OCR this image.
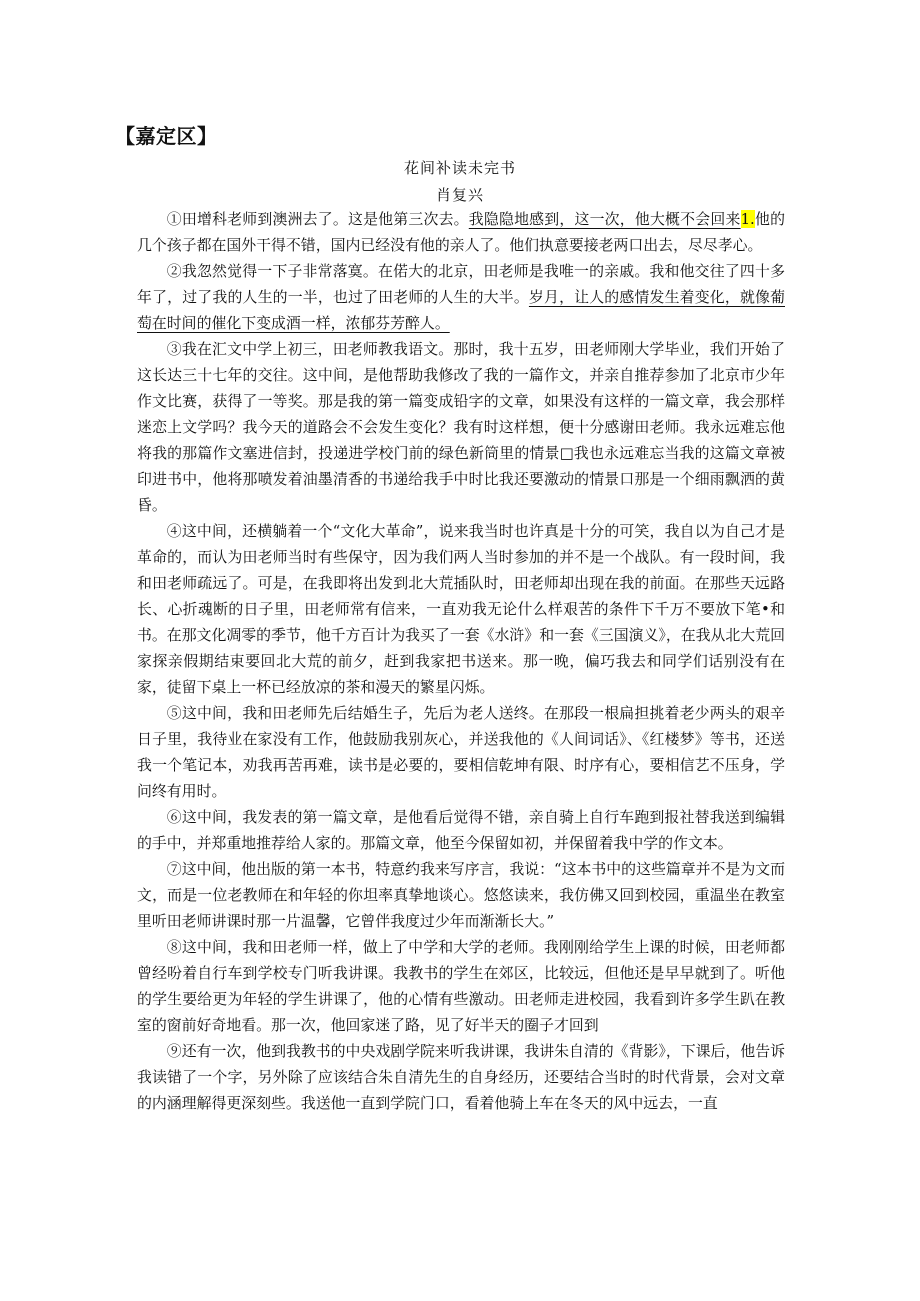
【嘉定区】
花间补读未完书
肖复兴

①田增科老师到澳洲去了。这是他第三次去。我隐隐地感到，这一次，他大概不会回来1.他的几个孩子都在国外干得不错，国内已经没有他的亲人了。他们执意要接老两口出去，尽尽孝心。

②我忽然觉得一下子非常落寞。在偌大的北京，田老师是我唯一的亲戚。我和他交往了四十多年了，过了我的人生的一半，也过了田老师的人生的大半。岁月，让人的感情发生着变化，就像葡萄在时间的催化下变成酒一样，浓郁芬芳醉人。

③我在汇文中学上初三，田老师教我语文。那时，我十五岁，田老师刚大学毕业，我们开始了这长达三十七年的交往。这中间，是他帮助我修改了我的一篇作文，并亲自推荐参加了北京市少年作文比赛，获得了一等奖。那是我的第一篇变成铅字的文章，如果没有这样的一篇文章，我会那样迷恋上文学吗？我今天的道路会不会发生变化？我有时这样想，便十分感谢田老师。我永远难忘他将我的那篇作文塞进信封，投递进学校门前的绿色新筒里的情景□我也永远难忘当我的这篇文章被印进书中，他将那喷发着油墨清香的书递给我手中时比我还要激动的情景口那是一个细雨飘洒的黄昏。

④这中间，还横躺着一个“文化大革命”，说来我当时也许真是十分的可笑，我自以为自己才是革命的，而认为田老师当时有些保守，因为我们两人当时参加的并不是一个战队。有一段时间，我和田老师疏远了。可是，在我即将出发到北大荒插队时，田老师却出现在我的前面。在那些天远路长、心折魂断的日子里，田老师常有信来，一直劝我无论什么样艰苦的条件下千万不要放下笔•和书。在那文化凋零的季节，他千方百计为我买了一套《水浒》和一套《三国演义》，在我从北大荒回家探亲假期结束要回北大荒的前夕，赶到我家把书送来。那一晚，偏巧我去和同学们话别没有在家，徒留下桌上一杯已经放凉的茶和漫天的繁星闪烁。

⑤这中间，我和田老师先后结婚生子，先后为老人送终。在那段一根扁担挑着老少两头的艰辛日子里，我待业在家没有工作，他鼓励我别灰心，并送我他的《人间词话》、《红楼梦》等书，还送我一个笔记本，劝我再苦再难，读书是必要的，要相信乾坤有限、时序有心，要相信艺不压身，学问终有用时。

⑥这中间，我发表的第一篇文章，是他看后觉得不错，亲自骑上自行车跑到报社替我送到编辑的手中，并郑重地推荐给人家的。那篇文章，他至今保留如初，并保留着我中学的作文本。

⑦这中间，他出版的第一本书，特意约我来写序言，我说：“这本书中的这些篇章并不是为文而文，而是一位老教师在和年轻的你坦率真挚地谈心。悠悠读来，我仿佛又回到校园，重温坐在教室里听田老师讲课时那一片温馨，它曾伴我度过少年而渐渐长大。”

⑧这中间，我和田老师一样，做上了中学和大学的老师。我刚刚给学生上课的时候，田老师都曾经吩着自行车到学校专门听我讲课。我教书的学生在郊区，比较远，但他还是早早就到了。听他的学生要给更为年轻的学生讲课了，他的心情有些激动。田老师走进校园，我看到许多学生趴在教室的窗前好奇地看。那一次，他回家迷了路，见了好半天的圈子才回到

⑨还有一次，他到我教书的中央戏剧学院来听我讲课，我讲朱自清的《背影》，下课后，他告诉我读错了一个字，另外除了应该结合朱自清先生的自身经历，还要结合当时的时代背景，会对文章的内涵理解得更深刻些。我送他一直到学院门口，看着他骑上车在冬天的风中远去，一直
